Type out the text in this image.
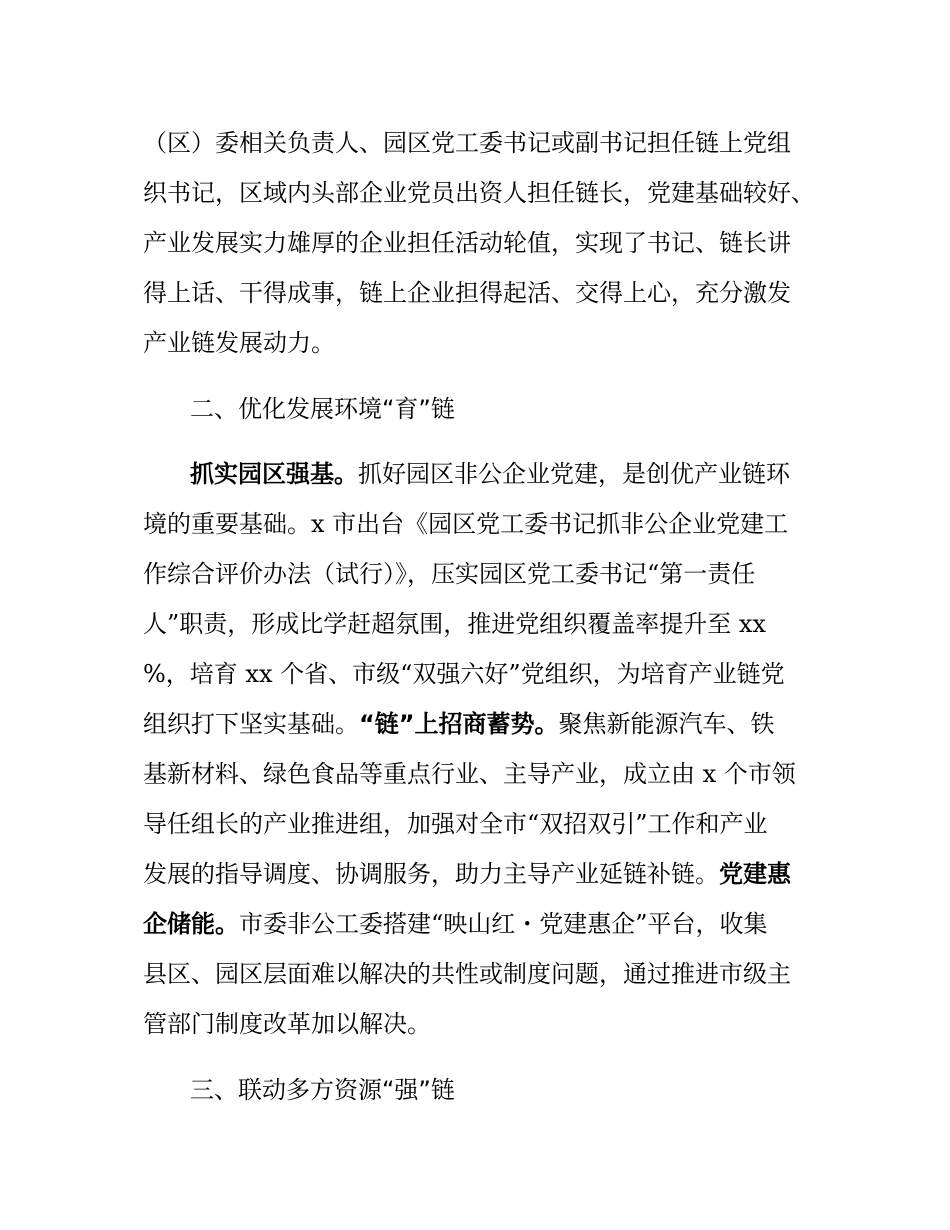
（区）委相关负责人、园区党工委书记或副书记担任链上党组
织书记，区域内头部企业党员出资人担任链长，党建基础较好、
产业发展实力雄厚的企业担任活动轮值，实现了书记、链长讲
得上话、干得成事，链上企业担得起活、交得上心，充分激发
产业链发展动力。
二、优化发展环境“育”链
抓实园区强基。抓好园区非公企业党建，是创优产业链环
境的重要基础。x 市出台《园区党工委书记抓非公企业党建工
作综合评价办法（试行）》，压实园区党工委书记“第一责任
人”职责，形成比学赶超氛围，推进党组织覆盖率提升至 xx
%，培育 xx 个省、市级“双强六好”党组织，为培育产业链党
组织打下坚实基础。“链”上招商蓄势。聚焦新能源汽车、铁
基新材料、绿色食品等重点行业、主导产业，成立由 x 个市领
导任组长的产业推进组，加强对全市“双招双引”工作和产业
发展的指导调度、协调服务，助力主导产业延链补链。党建惠
企储能。市委非公工委搭建“映山红・党建惠企”平台，收集
县区、园区层面难以解决的共性或制度问题，通过推进市级主
管部门制度改革加以解决。
三、联动多方资源“强”链
